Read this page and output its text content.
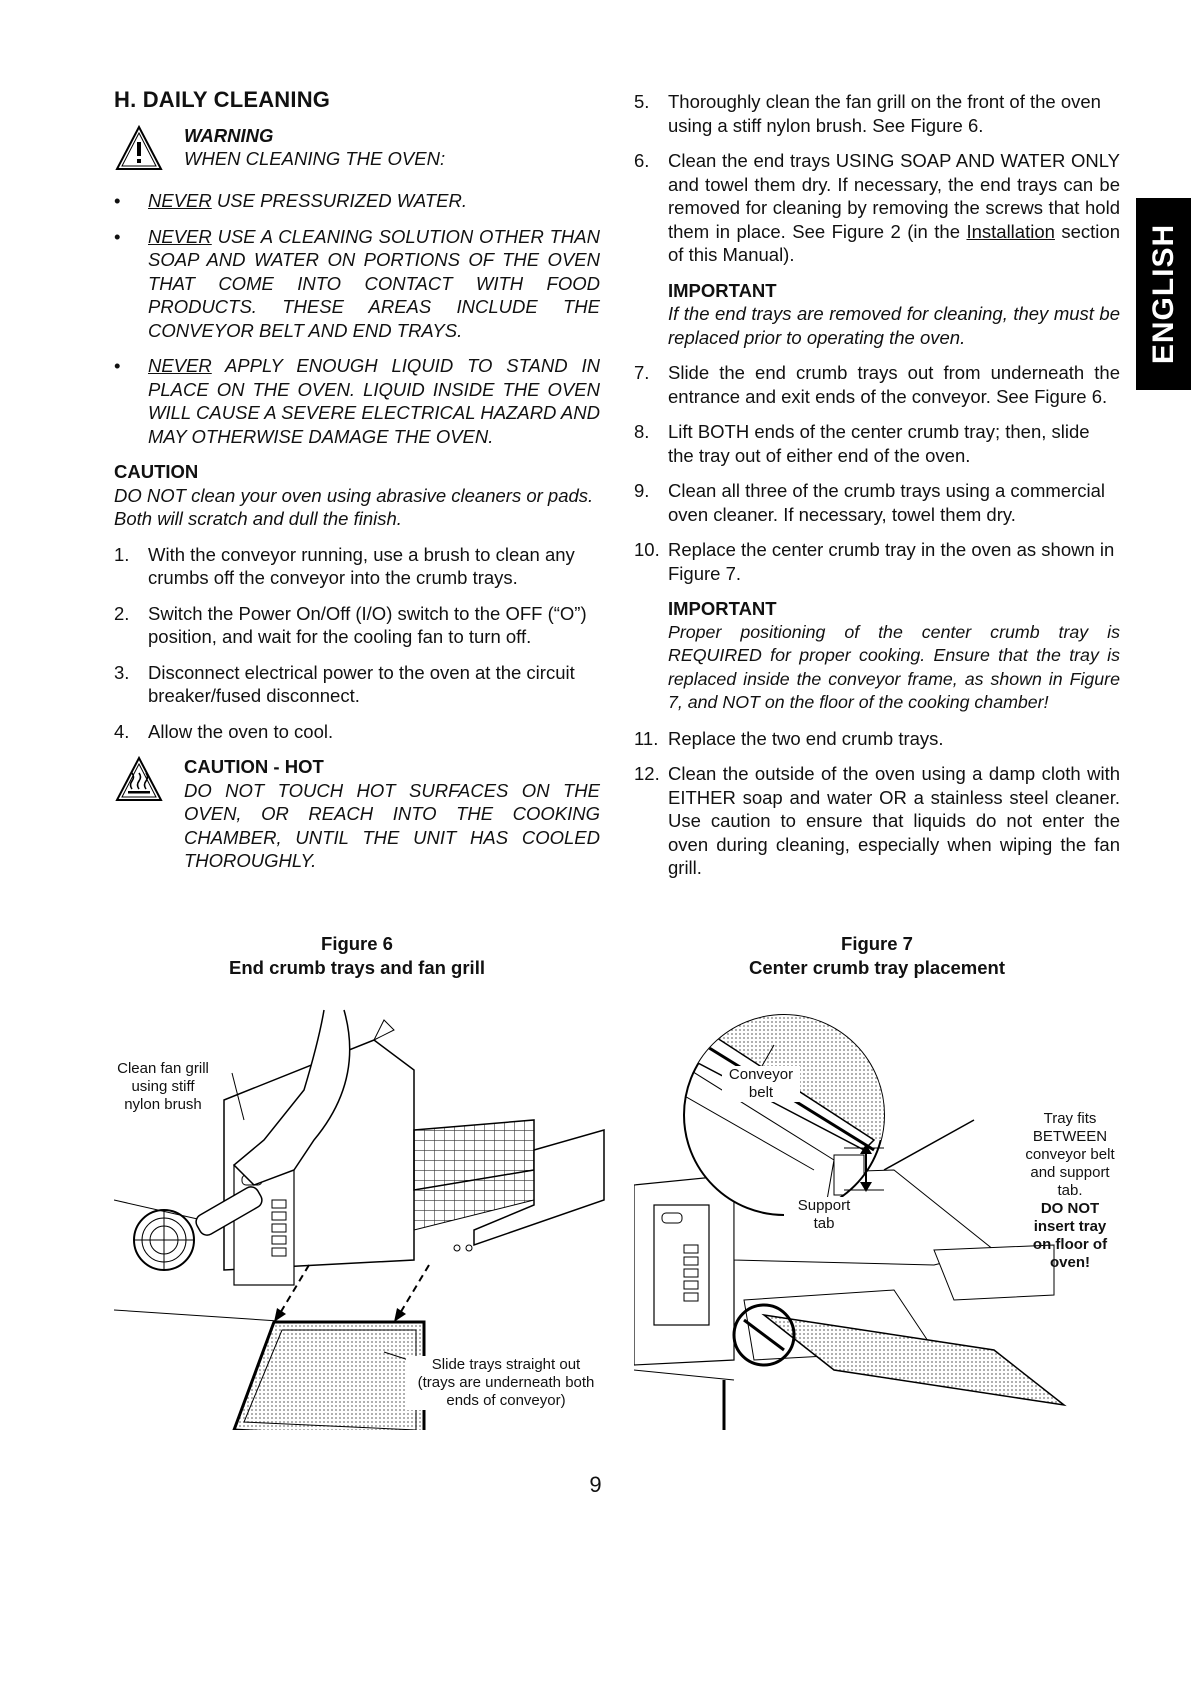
H. DAILY CLEANING
WARNING
WHEN CLEANING THE OVEN:
•	NEVER USE PRESSURIZED WATER.
•	NEVER USE A CLEANING SOLUTION OTHER THAN SOAP AND WATER ON PORTIONS OF THE OVEN THAT COME INTO CONTACT WITH FOOD PRODUCTS. THESE AREAS INCLUDE THE CONVEYOR BELT AND END TRAYS.
•	NEVER APPLY ENOUGH LIQUID TO STAND IN PLACE ON THE OVEN. LIQUID INSIDE THE OVEN WILL CAUSE A SEVERE ELECTRICAL HAZARD AND MAY OTHERWISE DAMAGE THE OVEN.
CAUTION
DO NOT clean your oven using abrasive cleaners or pads. Both will scratch and dull the finish.
1.	With the conveyor running, use a brush to clean any crumbs off the conveyor into the crumb trays.
2.	Switch the Power On/Off (I/O) switch to the OFF (“O”) position, and wait for the cooling fan to turn off.
3.	Disconnect electrical power to the oven at the circuit breaker/fused disconnect.
4.	Allow the oven to cool.
CAUTION - HOT
DO NOT TOUCH HOT SURFACES ON THE OVEN, OR REACH INTO THE COOKING CHAMBER, UNTIL THE UNIT HAS COOLED THOROUGHLY.
5.	Thoroughly clean the fan grill on the front of the oven using a stiff nylon brush. See Figure 6.
6.	Clean the end trays USING SOAP AND WATER ONLY and towel them dry. If necessary, the end trays can be removed for cleaning by removing the screws that hold them in place. See Figure 2 (in the Installation section of this Manual).
IMPORTANT
If the end trays are removed for cleaning, they must be replaced prior to operating the oven.
7.	Slide the end crumb trays out from underneath the entrance and exit ends of the conveyor. See Figure 6.
8.	Lift BOTH ends of the center crumb tray; then, slide the tray out of either end of the oven.
9.	Clean all three of the crumb trays using a commercial oven cleaner. If necessary, towel them dry.
10. Replace the center crumb tray in the oven as shown in Figure 7.
IMPORTANT
Proper positioning of the center crumb tray is REQUIRED for proper cooking. Ensure that the tray is replaced inside the conveyor frame, as shown in Figure 7, and NOT on the floor of the cooking chamber!
11. Replace the two end crumb trays.
12. Clean the outside of the oven using a damp cloth with EITHER soap and water OR a stainless steel cleaner. Use caution to ensure that liquids do not enter the oven during cleaning, especially when wiping the fan grill.
Figure 6
End crumb trays and fan grill
Figure 7
Center crumb tray placement
Clean fan grill
using stiff
nylon brush
Slide trays straight out
(trays are underneath both
ends of conveyor)
Conveyor
belt
Support
tab
Tray fits
BETWEEN
conveyor belt
and support
tab.
DO NOT
insert tray
on floor of
oven!
9
ENGLISH
